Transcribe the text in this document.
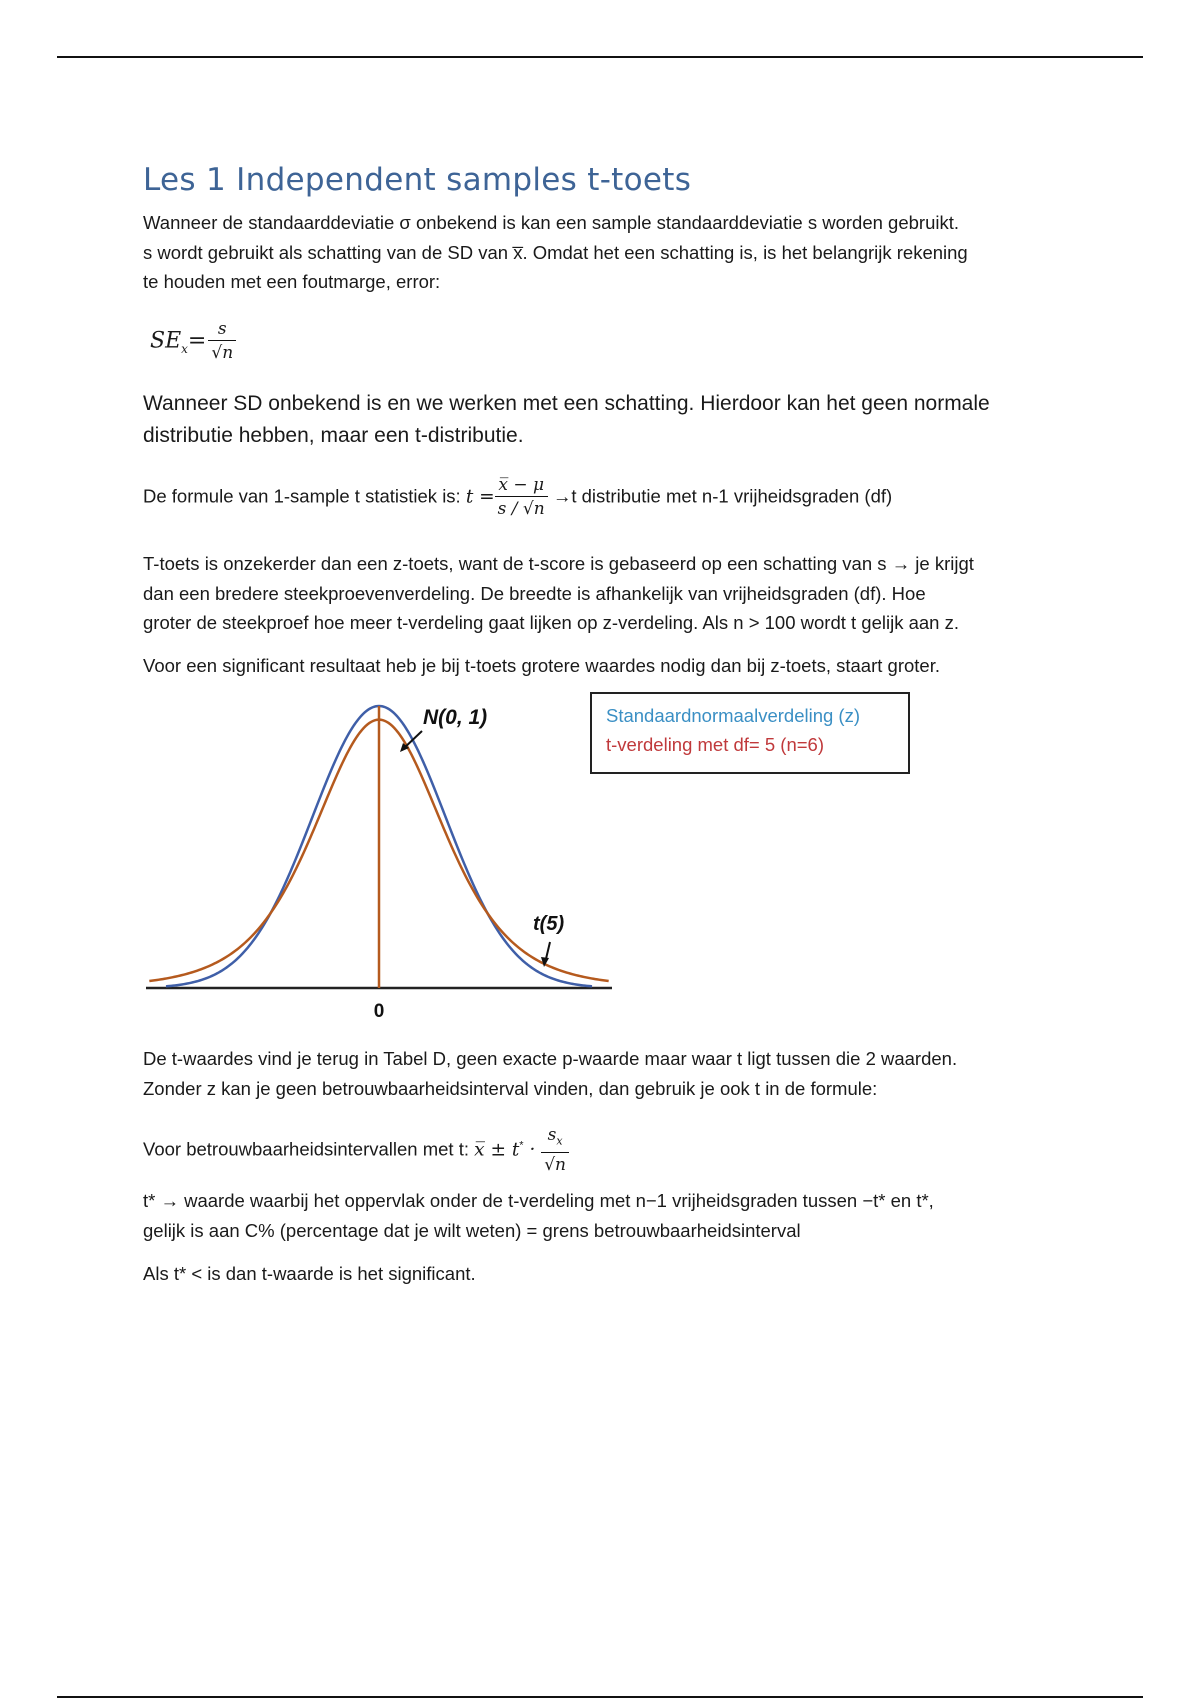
Les 1 Independent samples t-toets

Wanneer de standaarddeviatie σ onbekend is kan een sample standaarddeviatie s worden gebruikt.
s wordt gebruikt als schatting van de SD van x̅. Omdat het een schatting is, is het belangrijk rekening
te houden met een foutmarge, error:

$SE_x= \frac{s}{√n}$

Wanneer SD onbekend is en we werken met een schatting. Hierdoor kan het geen normale
distributie hebben, maar een t-distributie.

De formule van 1-sample t statistiek is: $t = \frac{x̅ - \mu}{s / √n} \to t$ distributie met n-1 vrijheidsgraden (df)

T-toets is onzekerder dan een z-toets, want de t-score is gebaseerd op een schatting van s → je krijgt
dan een bredere steekproevenverdeling. De breedte is afhankelijk van vrijheidsgraden (df). Hoe
groter de steekproef hoe meer t-verdeling gaat lijken op z-verdeling. Als n > 100 wordt t gelijk aan z.

Voor een significant resultaat heb je bij t-toets grotere waardes nodig dan bij z-toets, staart groter.

N(0, 1)
t(5)
0
Standaardnormaalverdeling (z)
t-verdeling met df= 5 (n=6)

De t-waardes vind je terug in Tabel D, geen exacte p-waarde maar waar t ligt tussen die 2 waarden.
Zonder z kan je geen betrouwbaarheidsinterval vinden, dan gebruik je ook t in de formule:

Voor betrouwbaarheidsintervallen met t: x̅ ± $t^* \cdot \frac{s_x}{√n}$

t* → waarde waarbij het oppervlak onder de t-verdeling met n−1 vrijheidsgraden tussen −t* en t*,
gelijk is aan C% (percentage dat je wilt weten) = grens betrouwbaarheidsinterval

Als t* < is dan t-waarde is het significant.
